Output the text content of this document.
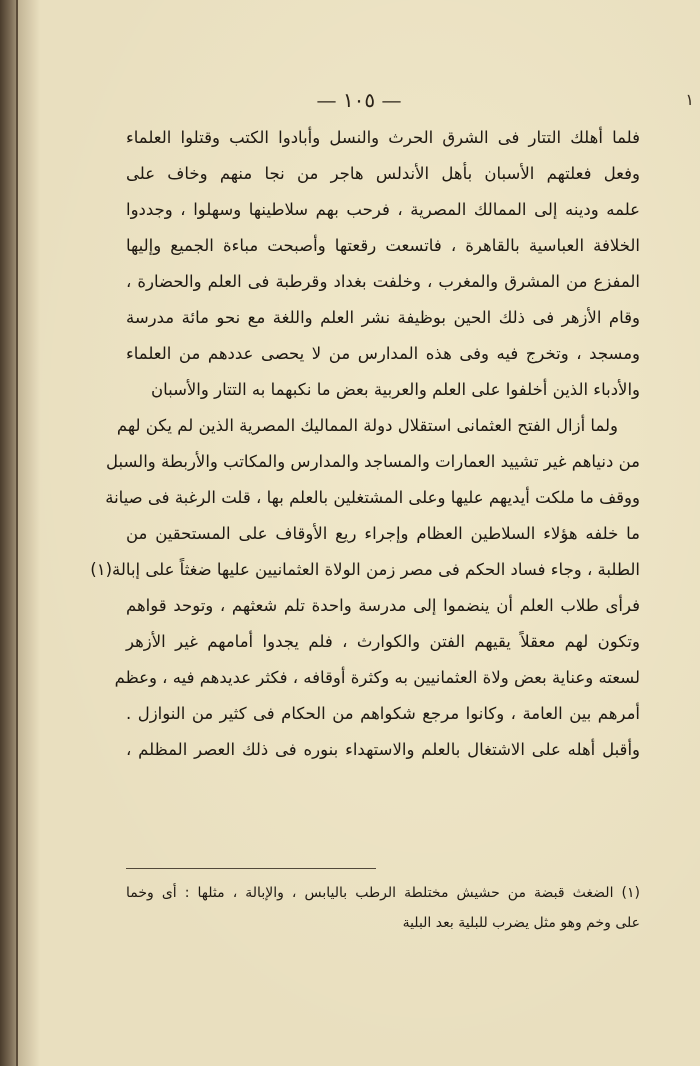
— ١٠٥ —	١
فلما أهلك التتار فى الشرق الحرث والنسل وأبادوا الكتب وقتلوا العلماء
وفعل فعلتهم الأسبان بأهل الأندلس هاجر من نجا منهم وخاف على
علمه ودينه إلى الممالك المصرية ، فرحب بهم سلاطينها وسهلوا ، وجددوا
الخلافة العباسية بالقاهرة ، فاتسعت رقعتها وأصبحت مباءة الجميع وإليها
المفزع من المشرق والمغرب ، وخلفت بغداد وقرطبة فى العلم والحضارة ،
وقام الأزهر فى ذلك الحين بوظيفة نشر العلم واللغة مع نحو مائة مدرسة
ومسجد ، وتخرج فيه وفى هذه المدارس من لا يحصى عددهم من العلماء
والأدباء الذين أخلفوا على العلم والعربية بعض ما نكبهما به التتار والأسبان
ولما أزال الفتح العثمانى استقلال دولة المماليك المصرية الذين لم يكن لهم
من دنياهم غير تشييد العمارات والمساجد والمدارس والمكاتب والأربطة والسبل
ووقف ما ملكت أيديهم عليها وعلى المشتغلين بالعلم بها ، قلت الرغبة فى صيانة
ما خلفه هؤلاء السلاطين العظام وإجراء ريع الأوقاف على المستحقين من
الطلبة ، وجاء فساد الحكم فى مصر زمن الولاة العثمانيين عليها ضغثاً على إبالة(١)
فرأى طلاب العلم أن ينضموا إلى مدرسة واحدة تلم شعثهم ، وتوحد قواهم
وتكون لهم معقلاً يقيهم الفتن والكوارث ، فلم يجدوا أمامهم غير الأزهر
لسعته وعناية بعض ولاة العثمانيين به وكثرة أوقافه ، فكثر عديدهم فيه ، وعظم
أمرهم بين العامة ، وكانوا مرجع شكواهم من الحكام فى كثير من النوازل .
وأقبل أهله على الاشتغال بالعلم والاستهداء بنوره فى ذلك العصر المظلم ،
(١) الضغث قبضة من حشيش مختلطة الرطب باليابس ، والإبالة ، مثلها : أى وخما
على وخم وهو مثل يضرب للبلية بعد البلية
